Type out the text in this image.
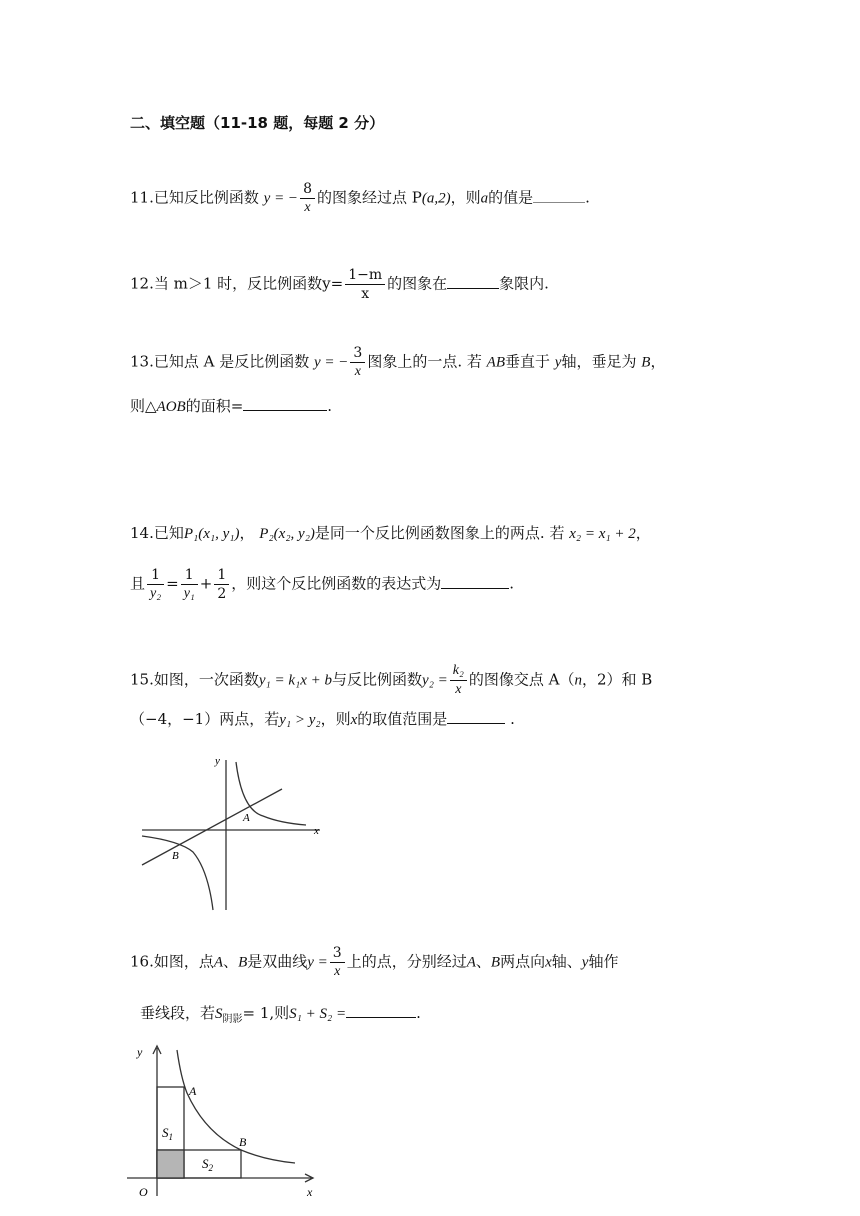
二、填空题（11-18 题，每题 2 分）
11.已知反比例函数 y = − $\frac{8}{x}$ 的图象经过点 P(a,2)，则a的值是	.
12.当 m＞1 时，反比例函数$y= \frac{1-m}{x}$ 的图象在	象限内.
13.已知点 A 是反比例函数 y = − $\frac{3}{x}$ 图象上的一点. 若 AB垂直于 y轴，垂足为 B，
则△AOB的面积=	.
14.已知P₁(x₁, y₁)， P₂(x₂, y₂)是同一个反比例函数图象上的两点. 若 x₂ = x₁ + 2，
且 $\frac{1}{\text{y₂}} = \frac{1}{\text{y₁}} + \frac{1}{2}$ ，则这个反比例函数的表达式为	.
15.如图，一次函数y₁ = k₁x + b与反比例函数$y_2 = \frac{\text{k₂}}{x}$ 的图像交点 A（n，2）和 B
（−4，−1）两点，若y₁ > y₂，则x的取值范围是	.
y
x
A
B
16.如图，点A、B是双曲线$y = \frac{3}{x}$ 上的点，分别经过A、B两点向x轴、y轴作
垂线段，若$S_{阴影}= 1$,则S₁ + S₂ =	.
y
x
O
A
B
$S_1$
$S_2$
